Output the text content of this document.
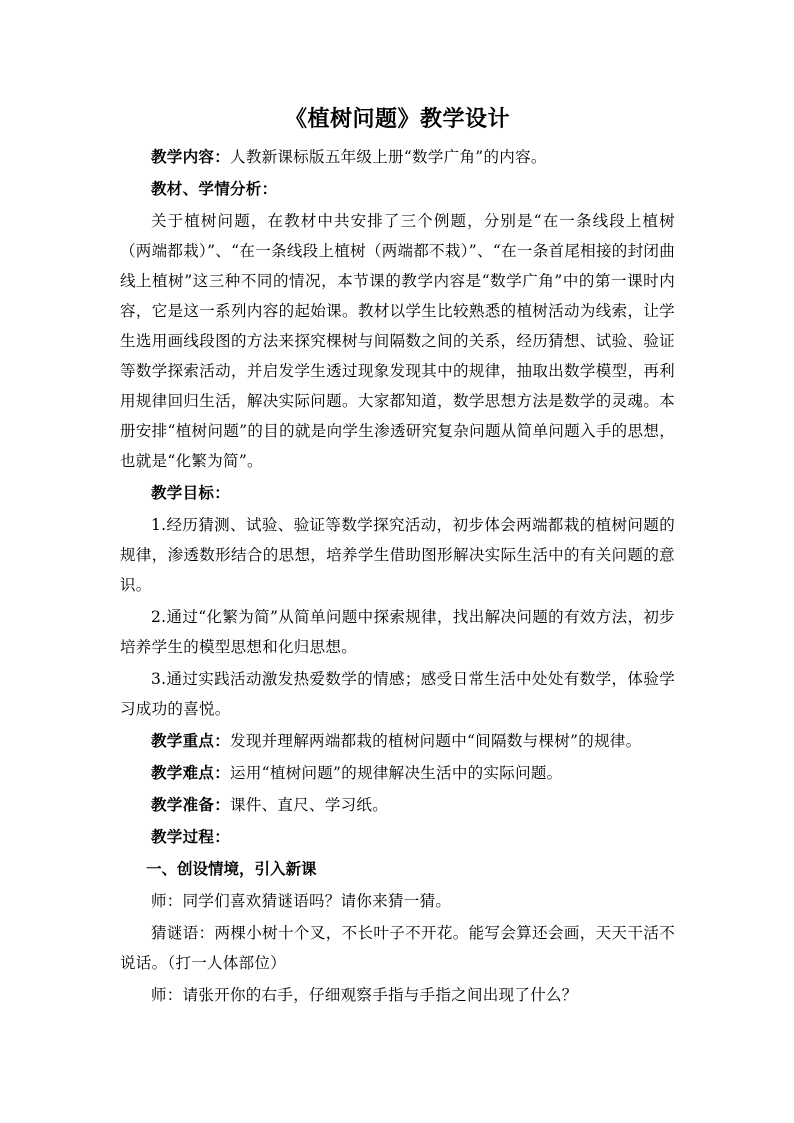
《植树问题》教学设计

教学内容：人教新课标版五年级上册“数学广角”的内容。

教材、学情分析：

关于植树问题，在教材中共安排了三个例题，分别是“在一条线段上植树（两端都栽）”、“在一条线段上植树（两端都不栽）”、“在一条首尾相接的封闭曲线上植树”这三种不同的情况，本节课的教学内容是“数学广角”中的第一课时内容，它是这一系列内容的起始课。教材以学生比较熟悉的植树活动为线索，让学生选用画线段图的方法来探究棵树与间隔数之间的关系，经历猜想、试验、验证等数学探索活动，并启发学生透过现象发现其中的规律，抽取出数学模型，再利用规律回归生活，解决实际问题。大家都知道，数学思想方法是数学的灵魂。本册安排“植树问题”的目的就是向学生渗透研究复杂问题从简单问题入手的思想，也就是“化繁为简”。

教学目标：

1.经历猜测、试验、验证等数学探究活动，初步体会两端都栽的植树问题的规律，渗透数形结合的思想，培养学生借助图形解决实际生活中的有关问题的意识。

2.通过“化繁为简”从简单问题中探索规律，找出解决问题的有效方法，初步培养学生的模型思想和化归思想。

3.通过实践活动激发热爱数学的情感；感受日常生活中处处有数学，体验学习成功的喜悦。

教学重点：发现并理解两端都栽的植树问题中“间隔数与棵树”的规律。

教学难点：运用“植树问题”的规律解决生活中的实际问题。

教学准备：课件、直尺、学习纸。

教学过程：

一、创设情境，引入新课

师：同学们喜欢猜谜语吗？请你来猜一猜。

猜谜语：两棵小树十个叉，不长叶子不开花。能写会算还会画，天天干活不说话。（打一人体部位）

师：请张开你的右手，仔细观察手指与手指之间出现了什么？
